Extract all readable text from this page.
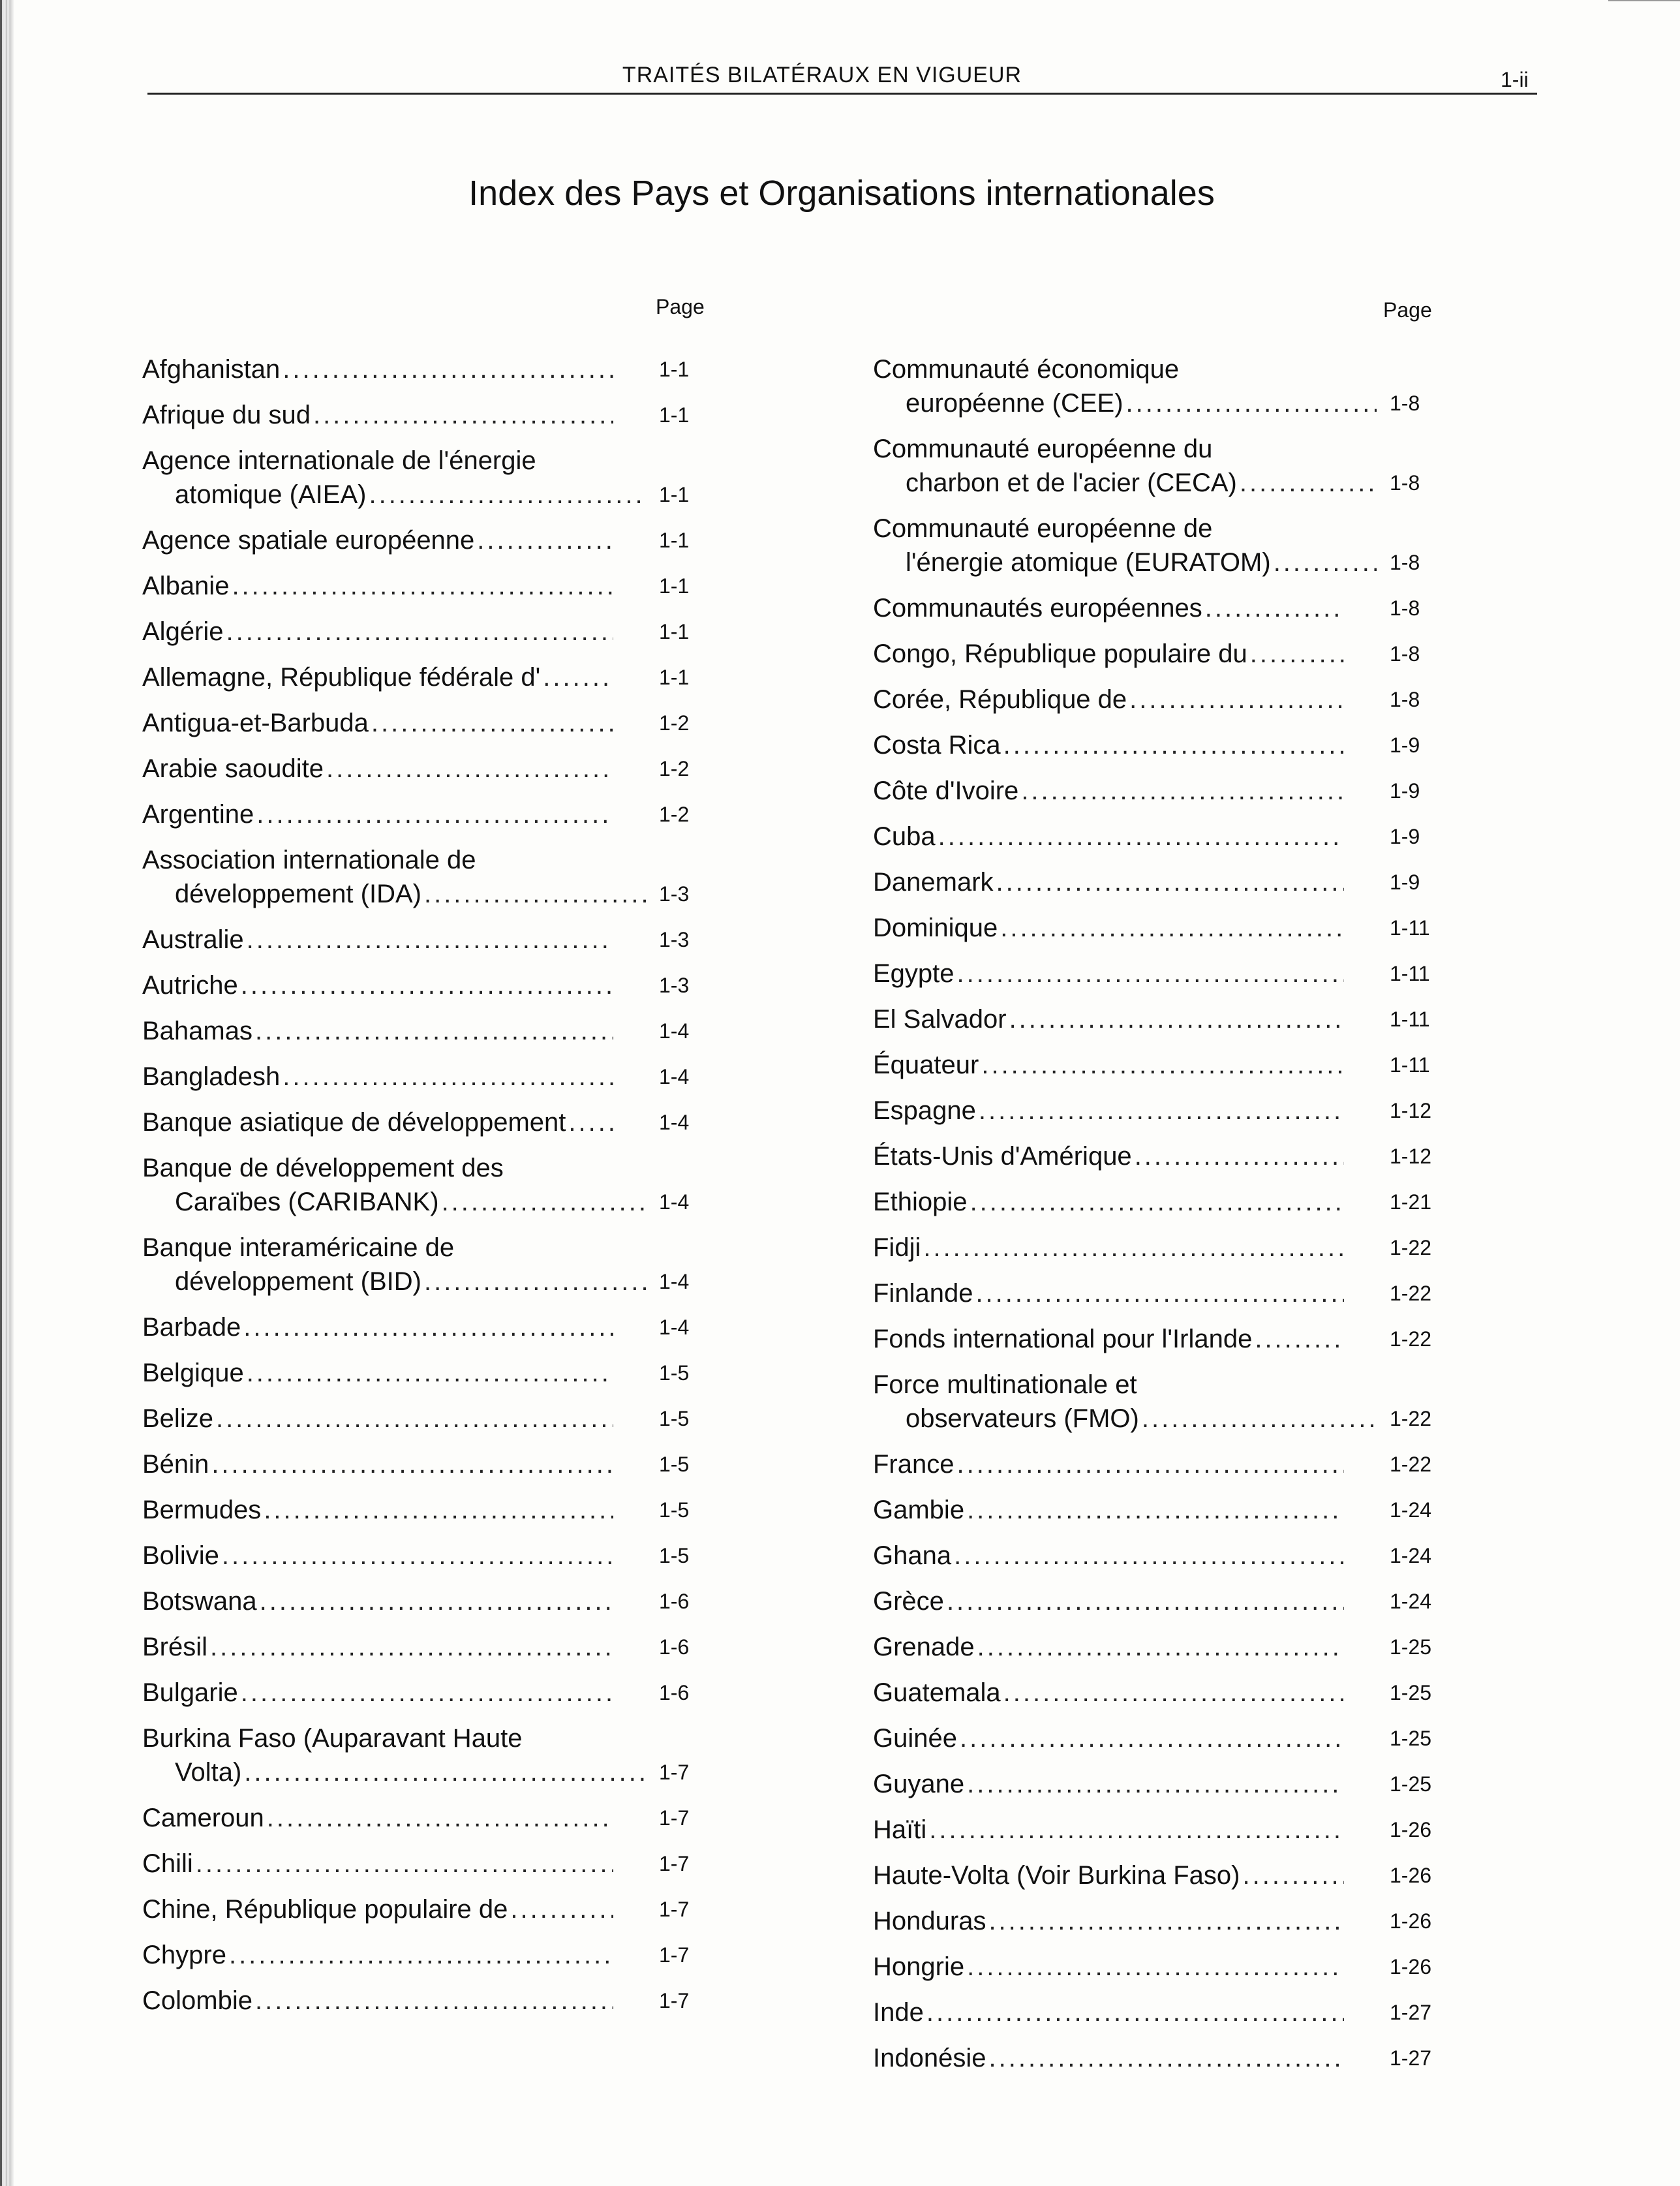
TRAITÉS BILATÉRAUX EN VIGUEUR	1-ii
Index des Pays et Organisations internationales
Page	Page
Afghanistan .....	1-1
Afrique du sud .....	1-1
Agence internationale de l'énergie
atomique (AIEA) .....	1-1
Agence spatiale européenne .....	1-1
Albanie .....	1-1
Algérie .....	1-1
Allemagne, République fédérale d' .....	1-1
Antigua-et-Barbuda .....	1-2
Arabie saoudite .....	1-2
Argentine .....	1-2
Association internationale de
développement (IDA) .....	1-3
Australie .....	1-3
Autriche .....	1-3
Bahamas .....	1-4
Bangladesh .....	1-4
Banque asiatique de développement .....	1-4
Banque de développement des
Caraïbes (CARIBANK) .....	1-4
Banque interaméricaine de
développement (BID) .....	1-4
Barbade .....	1-4
Belgique .....	1-5
Belize .....	1-5
Bénin .....	1-5
Bermudes .....	1-5
Bolivie .....	1-5
Botswana .....	1-6
Brésil .....	1-6
Bulgarie .....	1-6
Burkina Faso (Auparavant Haute
Volta) .....	1-7
Cameroun .....	1-7
Chili .....	1-7
Chine, République populaire de .....	1-7
Chypre .....	1-7
Colombie .....	1-7
Communauté économique
européenne (CEE) .....	1-8
Communauté européenne du
charbon et de l'acier (CECA) .....	1-8
Communauté européenne de
l'énergie atomique (EURATOM) .....	1-8
Communautés européennes .....	1-8
Congo, République populaire du .....	1-8
Corée, République de .....	1-8
Costa Rica .....	1-9
Côte d'Ivoire .....	1-9
Cuba .....	1-9
Danemark .....	1-9
Dominique .....	1-11
Egypte .....	1-11
El Salvador .....	1-11
Équateur .....	1-11
Espagne .....	1-12
États-Unis d'Amérique .....	1-12
Ethiopie .....	1-21
Fidji .....	1-22
Finlande .....	1-22
Fonds international pour l'Irlande .....	1-22
Force multinationale et
observateurs (FMO) .....	1-22
France .....	1-22
Gambie .....	1-24
Ghana .....	1-24
Grèce .....	1-24
Grenade .....	1-25
Guatemala .....	1-25
Guinée .....	1-25
Guyane .....	1-25
Haïti .....	1-26
Haute-Volta (Voir Burkina Faso) .....	1-26
Honduras .....	1-26
Hongrie .....	1-26
Inde .....	1-27
Indonésie .....	1-27
